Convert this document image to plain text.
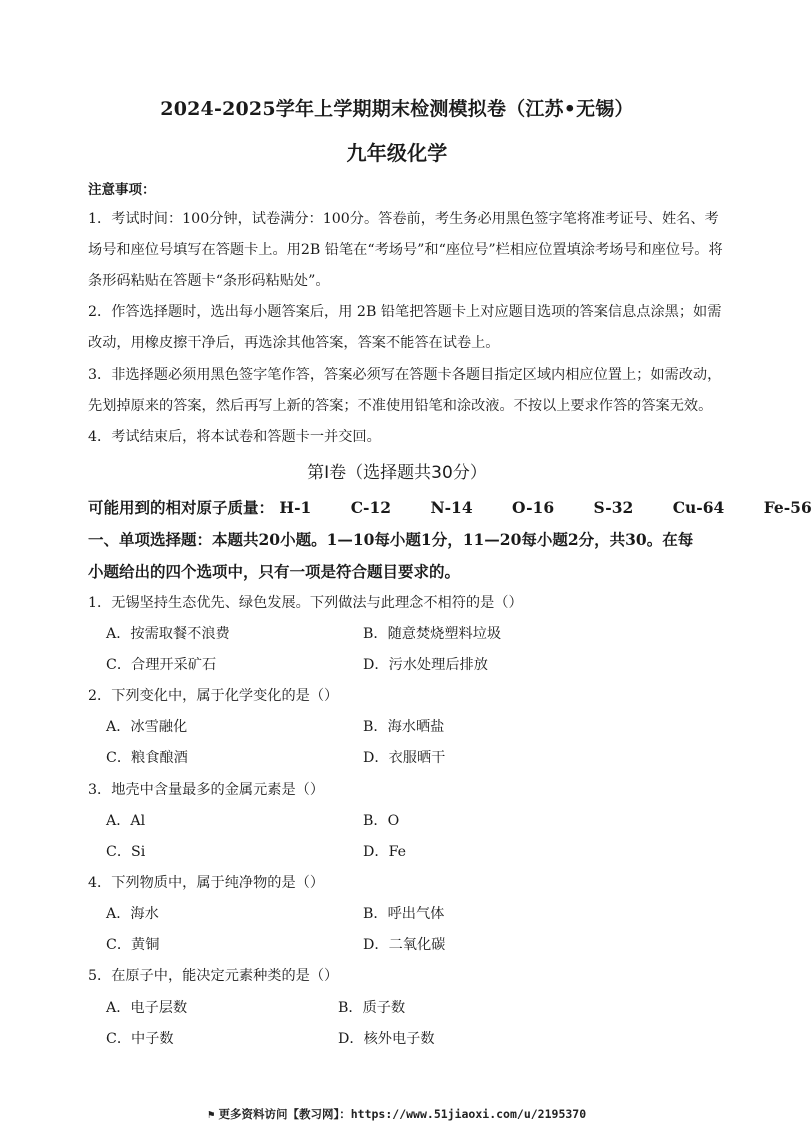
2024-2025学年上学期期末检测模拟卷（江苏•无锡）
九年级化学
注意事项：
1．考试时间：100分钟，试卷满分：100分。答卷前，考生务必用黑色签字笔将准考证号、姓名、考
场号和座位号填写在答题卡上。用2B 铅笔在“考场号”和“座位号”栏相应位置填涂考场号和座位号。将
条形码粘贴在答题卡“条形码粘贴处”。
2．作答选择题时，选出每小题答案后，用 2B 铅笔把答题卡上对应题目选项的答案信息点涂黑；如需
改动，用橡皮擦干净后，再选涂其他答案，答案不能答在试卷上。
3．非选择题必须用黑色签字笔作答，答案必须写在答题卡各题目指定区域内相应位置上；如需改动，
先划掉原来的答案，然后再写上新的答案；不准使用铅笔和涂改液。不按以上要求作答的答案无效。
4．考试结束后，将本试卷和答题卡一并交回。
第Ⅰ卷（选择题共30分）
可能用到的相对原子质量： H-1	C-12	N-14	O-16	S-32	Cu-64	Fe-56
一、单项选择题：本题共20小题。1—10每小题1分，11—20每小题2分，共30。在每
小题给出的四个选项中，只有一项是符合题目要求的。
1．无锡坚持生态优先、绿色发展。下列做法与此理念不相符的是（）
A．按需取餐不浪费	B．随意焚烧塑料垃圾
C．合理开采矿石	D．污水处理后排放
2．下列变化中，属于化学变化的是（）
A．冰雪融化	B．海水晒盐
C．粮食酿酒	D．衣服晒干
3．地壳中含量最多的金属元素是（）
A．Al	B．O
C．Si	D．Fe
4．下列物质中，属于纯净物的是（）
A．海水	B．呼出气体
C．黄铜	D．二氧化碳
5．在原子中，能决定元素种类的是（）
A．电子层数	B．质子数
C．中子数	D．核外电子数
⚑ 更多资料访问【教习网】：https://www.51jiaoxi.com/u/2195370
